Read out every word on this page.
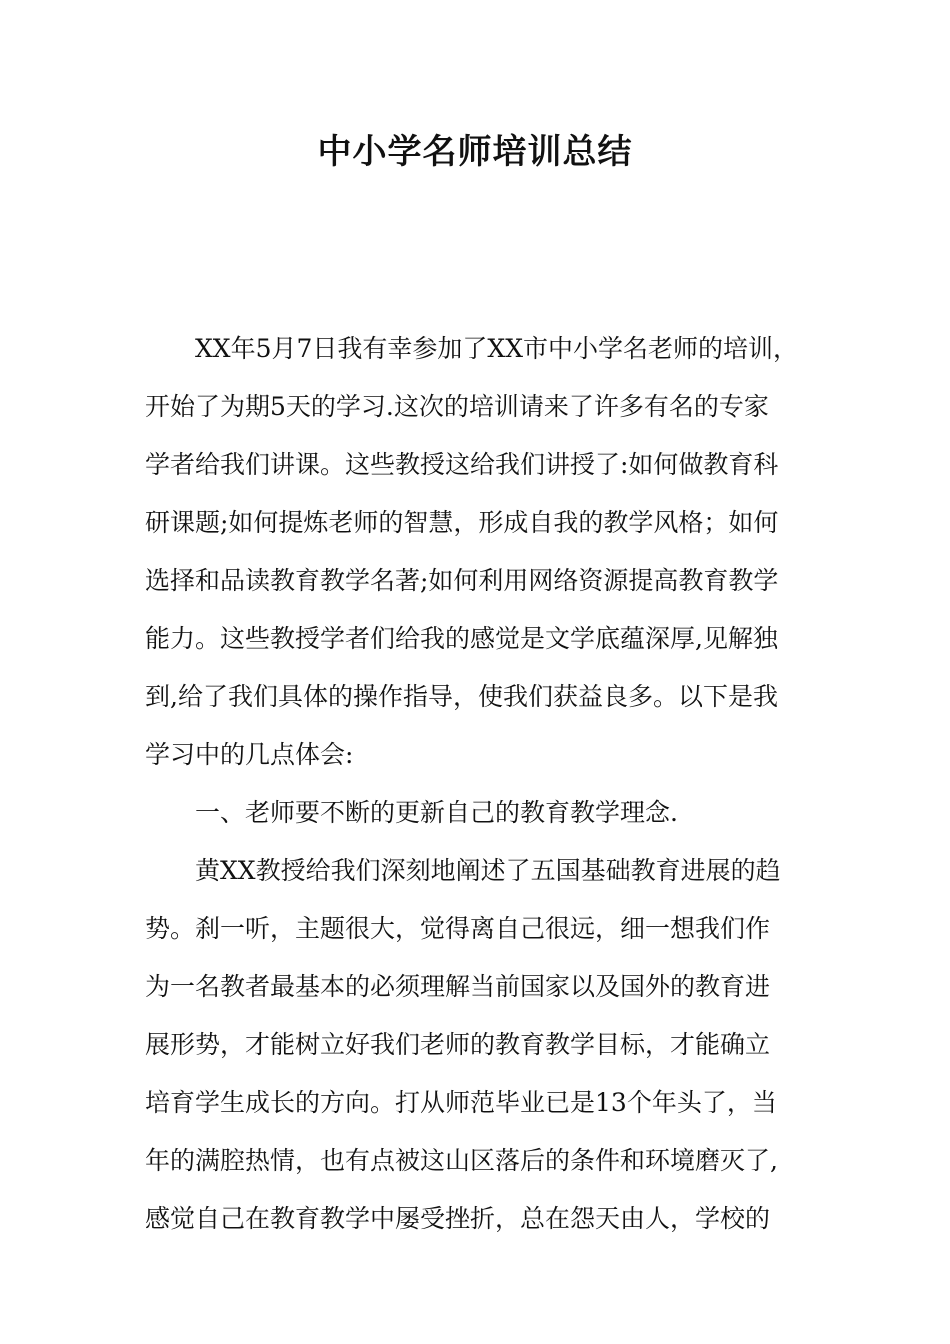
中小学名师培训总结
XX年5月7日我有幸参加了XX市中小学名老师的培训，
开始了为期5天的学习.这次的培训请来了许多有名的专家
学者给我们讲课。这些教授这给我们讲授了:如何做教育科
研课题;如何提炼老师的智慧，形成自我的教学风格；如何
选择和品读教育教学名著;如何利用网络资源提高教育教学
能力。这些教授学者们给我的感觉是文学底蕴深厚,见解独
到,给了我们具体的操作指导，使我们获益良多。以下是我
学习中的几点体会:
一、老师要不断的更新自己的教育教学理念.
黄XX教授给我们深刻地阐述了五国基础教育进展的趋
势。刹一听，主题很大，觉得离自己很远，细一想我们作
为一名教者最基本的必须理解当前国家以及国外的教育进
展形势，才能树立好我们老师的教育教学目标，才能确立
培育学生成长的方向。打从师范毕业已是13个年头了，当
年的满腔热情，也有点被这山区落后的条件和环境磨灭了,
感觉自己在教育教学中屡受挫折，总在怨天由人，学校的
